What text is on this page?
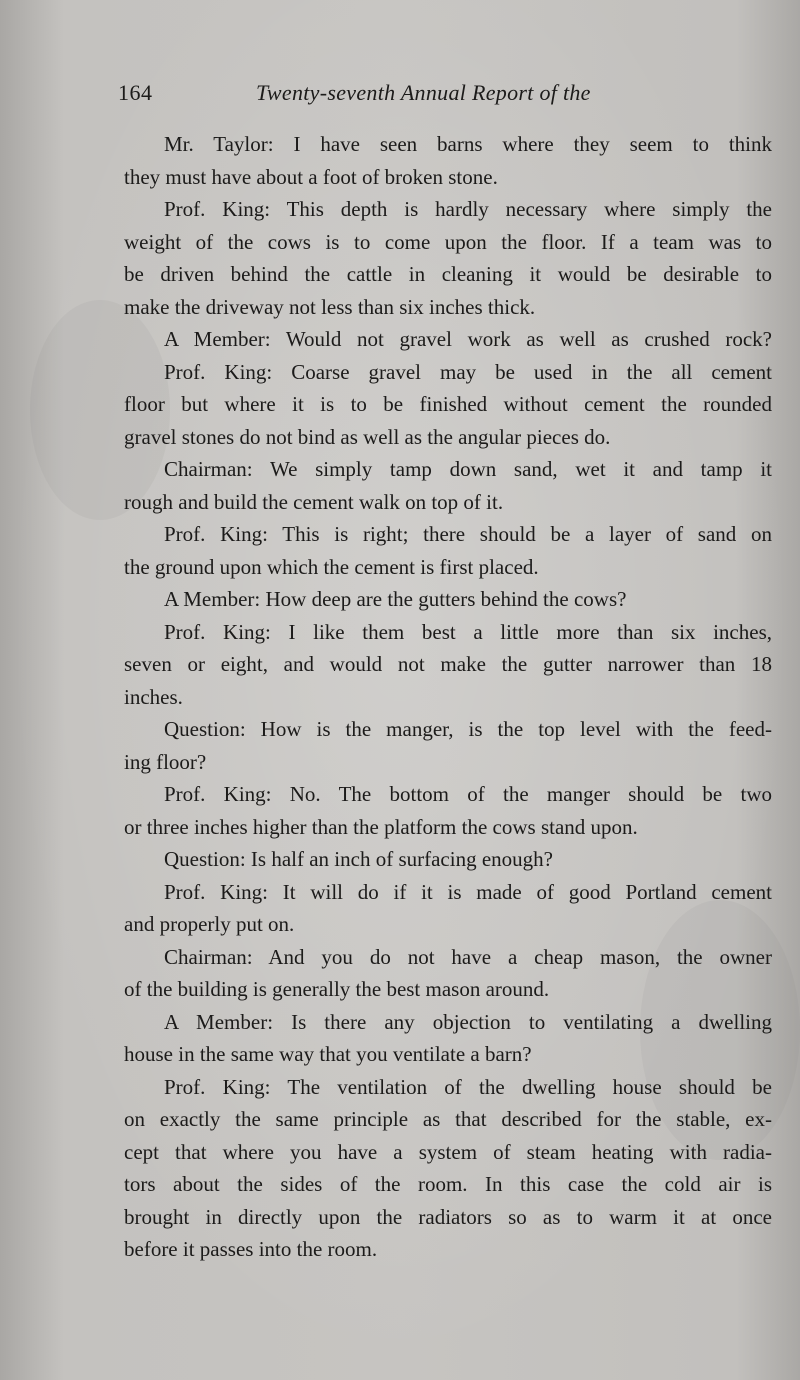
164	Twenty-seventh Annual Report of the
Mr. Taylor: I have seen barns where they seem to think
they must have about a foot of broken stone.
Prof. King: This depth is hardly necessary where simply the
weight of the cows is to come upon the floor. If a team was to
be driven behind the cattle in cleaning it would be desirable to
make the driveway not less than six inches thick.
A Member: Would not gravel work as well as crushed rock?
Prof. King: Coarse gravel may be used in the all cement
floor but where it is to be finished without cement the rounded
gravel stones do not bind as well as the angular pieces do.
Chairman: We simply tamp down sand, wet it and tamp it
rough and build the cement walk on top of it.
Prof. King: This is right; there should be a layer of sand on
the ground upon which the cement is first placed.
A Member: How deep are the gutters behind the cows?
Prof. King: I like them best a little more than six inches,
seven or eight, and would not make the gutter narrower than 18
inches.
Question: How is the manger, is the top level with the feed-
ing floor?
Prof. King: No. The bottom of the manger should be two
or three inches higher than the platform the cows stand upon.
Question: Is half an inch of surfacing enough?
Prof. King: It will do if it is made of good Portland cement
and properly put on.
Chairman: And you do not have a cheap mason, the owner
of the building is generally the best mason around.
A Member: Is there any objection to ventilating a dwelling
house in the same way that you ventilate a barn?
Prof. King: The ventilation of the dwelling house should be
on exactly the same principle as that described for the stable, ex-
cept that where you have a system of steam heating with radia-
tors about the sides of the room. In this case the cold air is
brought in directly upon the radiators so as to warm it at once
before it passes into the room.
